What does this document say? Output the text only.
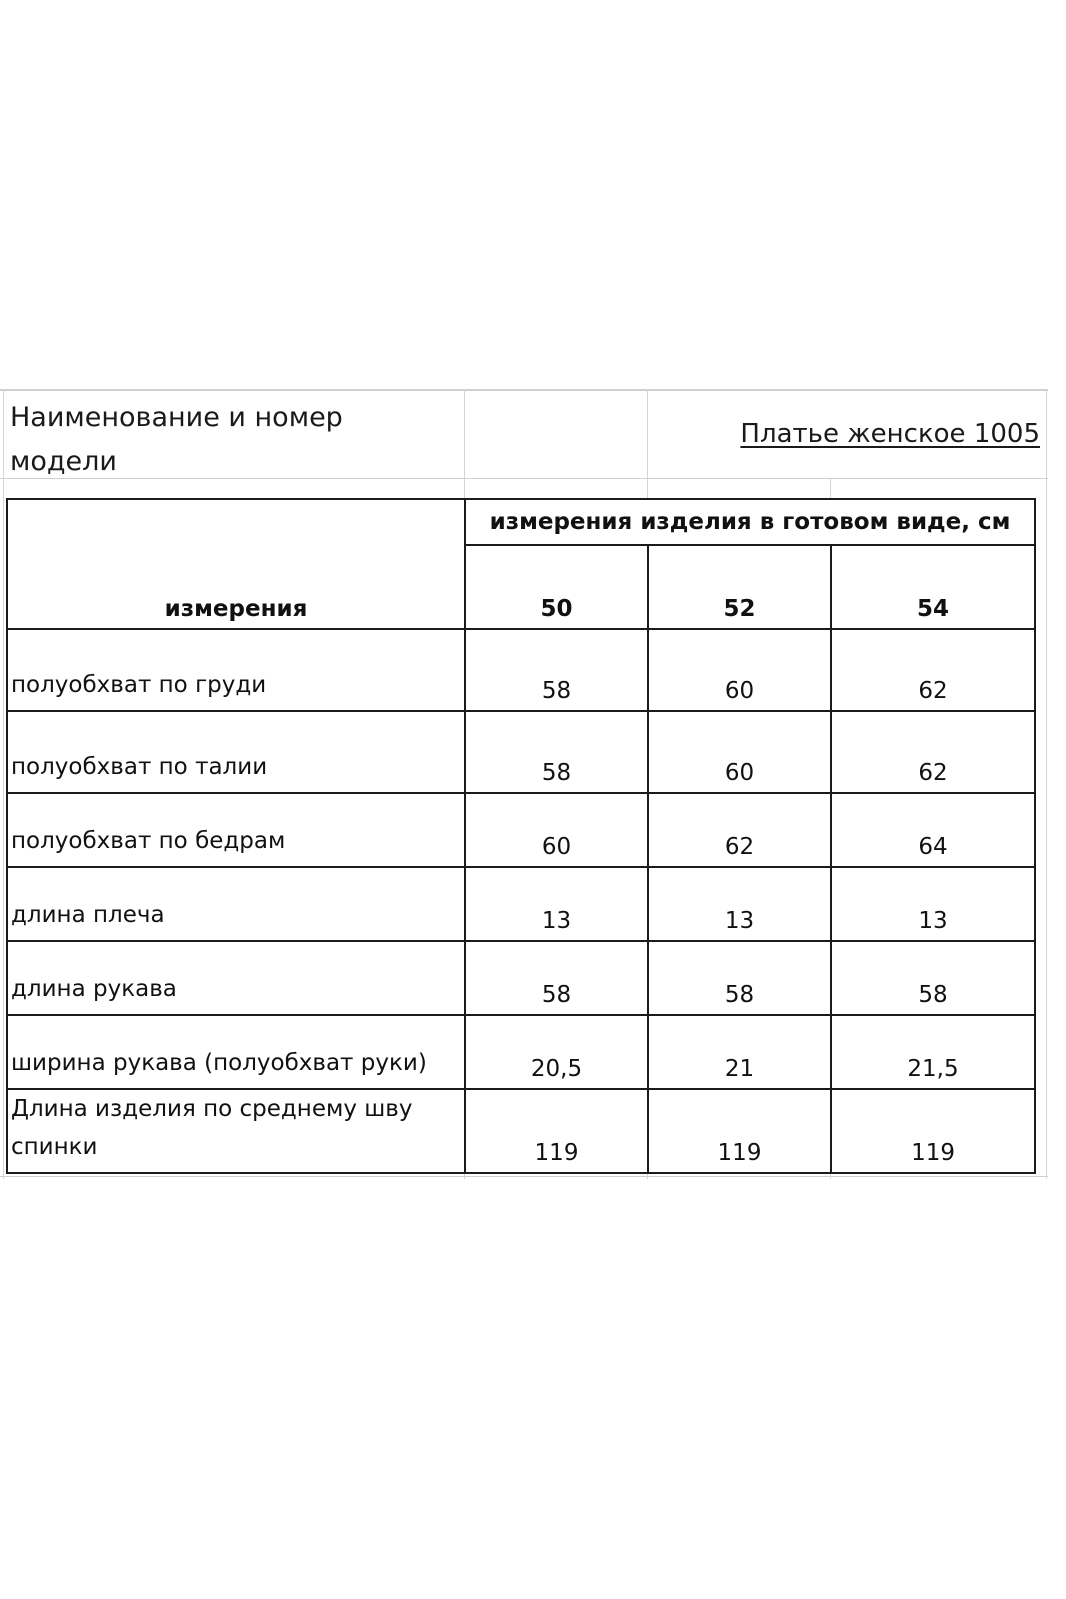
Наименование и номер модели
Платье женское 1005
измерения	измерения изделия в готовом виде, см		
	50	52	54
полуобхват по груди	58	60	62
полуобхват по талии	58	60	62
полуобхват по бедрам	60	62	64
длина плеча	13	13	13
длина рукава	58	58	58
ширина рукава (полуобхват руки)	20,5	21	21,5
Длина изделия по среднему шву спинки	119	119	119
